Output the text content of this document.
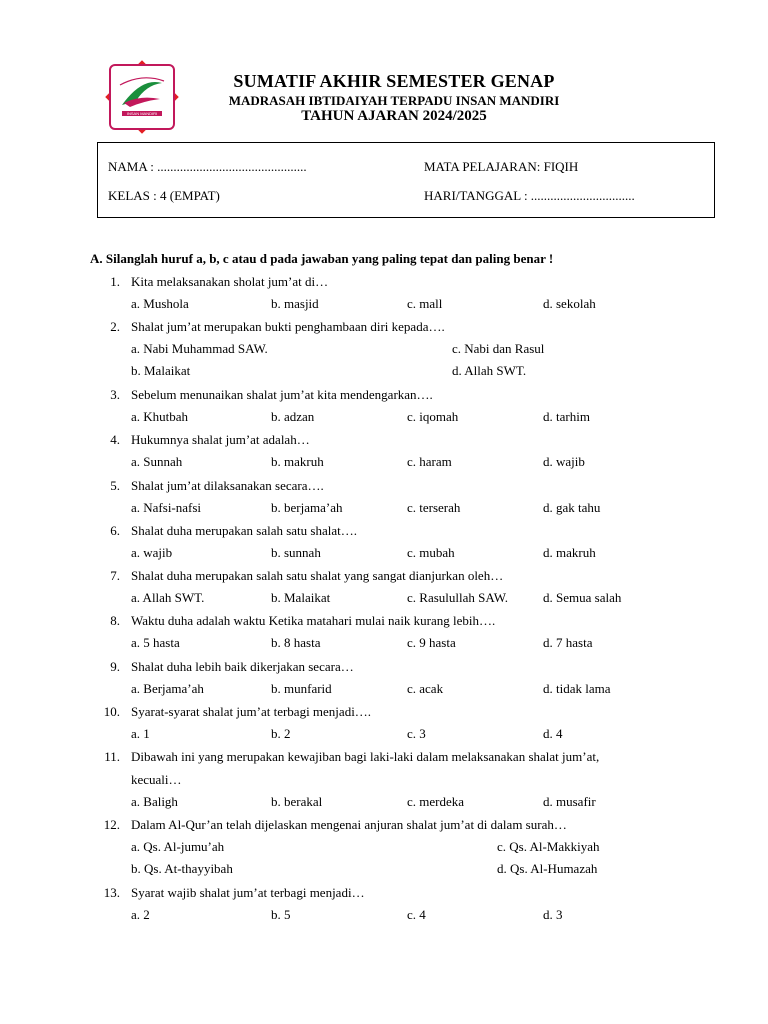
INSAN MANDIRI
SUMATIF AKHIR SEMESTER GENAP
MADRASAH IBTIDAIYAH TERPADU INSAN MANDIRI
TAHUN AJARAN 2024/2025
NAMA : ..............................................
KELAS : 4 (EMPAT)
MATA PELAJARAN: FIQIH
HARI/TANGGAL : ................................
A. Silanglah huruf a, b, c atau d pada jawaban yang paling tepat dan paling benar !
1. Kita melaksanakan sholat jum’at di…
a. Mushola	b. masjid	c. mall	d. sekolah
2. Shalat jum’at merupakan bukti penghambaan diri kepada….
a. Nabi Muhammad SAW.	c. Nabi dan Rasul
b. Malaikat	d. Allah SWT.
3. Sebelum menunaikan shalat jum’at kita mendengarkan….
a. Khutbah	b. adzan	c. iqomah	d. tarhim
4. Hukumnya shalat jum’at adalah…
a. Sunnah	b. makruh	c. haram	d. wajib
5. Shalat jum’at dilaksanakan secara….
a. Nafsi-nafsi	b. berjama’ah	c. terserah	d. gak tahu
6. Shalat duha merupakan salah satu shalat….
a. wajib	b. sunnah	c. mubah	d. makruh
7. Shalat duha merupakan salah satu shalat yang sangat dianjurkan oleh…
a. Allah SWT.	b. Malaikat	c. Rasulullah SAW.	d. Semua salah
8. Waktu duha adalah waktu Ketika matahari mulai naik kurang lebih….
a. 5 hasta	b. 8 hasta	c. 9 hasta	d. 7 hasta
9. Shalat duha lebih baik dikerjakan secara…
a. Berjama’ah	b. munfarid	c. acak	d. tidak lama
10. Syarat-syarat shalat jum’at terbagi menjadi….
a. 1	b. 2	c. 3	d. 4
11. Dibawah ini yang merupakan kewajiban bagi laki-laki dalam melaksanakan shalat jum’at,
kecuali…
a. Baligh	b. berakal	c. merdeka	d. musafir
12. Dalam Al-Qur’an telah dijelaskan mengenai anjuran shalat jum’at di dalam surah…
a. Qs. Al-jumu’ah	c. Qs. Al-Makkiyah
b. Qs. At-thayyibah	d. Qs. Al-Humazah
13. Syarat wajib shalat jum’at terbagi menjadi…
a. 2	b. 5	c. 4	d. 3
